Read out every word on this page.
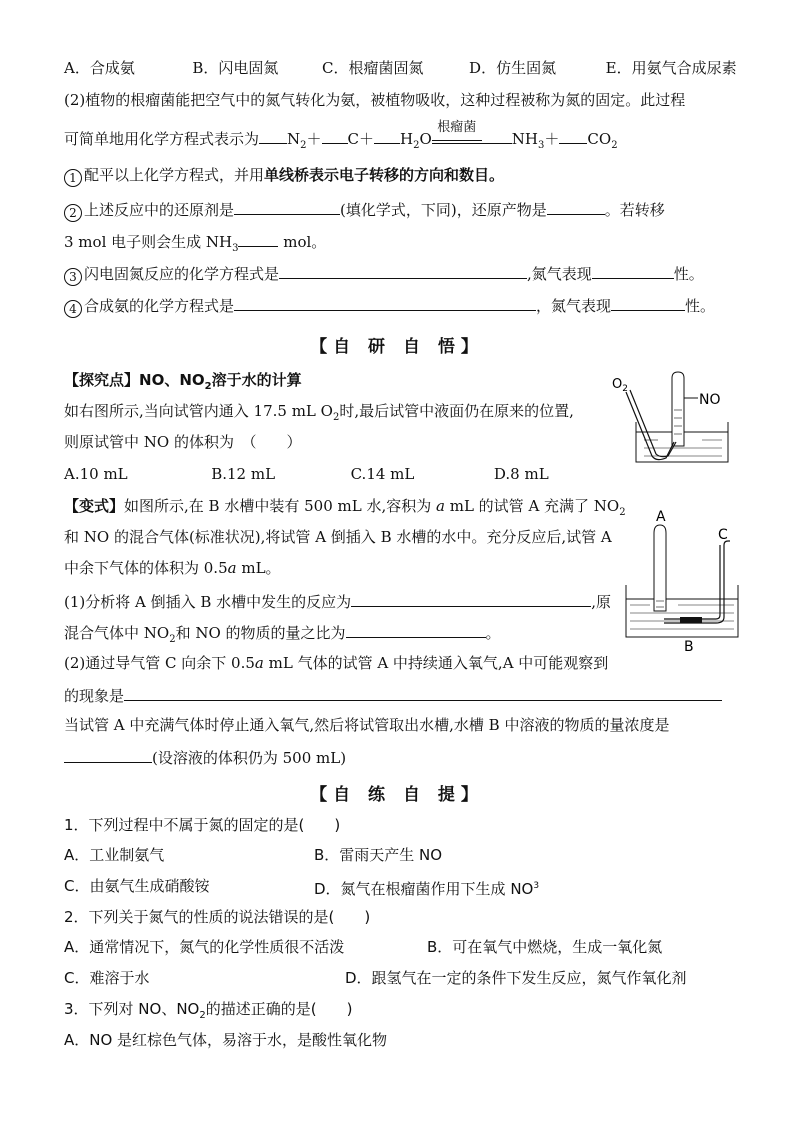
A．合成氨	B．闪电固氮	C．根瘤菌固氮	D．仿生固氮	E．用氨气合成尿素
(2)植物的根瘤菌能把空气中的氮气转化为氨，被植物吸收，这种过程被称为氮的固定。此过程
可简单地用化学方程式表示为 $N_2+ C+ H_2O$
根瘤菌
$NH_3+ CO_2$
1 配平以上化学方程式，并用单线桥表示电子转移的方向和数目。
2 上述反应中的还原剂是	(填化学式，下同)，还原产物是	。若转移
3 mol 电子则会生成 $NH_3$	mol。
3 闪电固氮反应的化学方程式是	,氮气表现	性。
4 合成氨的化学方程式是	，氮气表现	性。
【自 研 自 悟】
【探究点】NO、$NO_2$溶于水的计算
如右图所示,当向试管内通入 17.5 mL $O_2$时,最后试管中液面仍在原来的位置,
则原试管中 NO 的体积为　（　　）
A.10 mL	B.12 mL	C.14 mL	D.8 mL
$O_2$
NO
【变式】如图所示,在 B 水槽中装有 500 mL 水,容积为 a mL 的试管 A 充满了 $NO_2$
和 NO 的混合气体(标准状况),将试管 A 倒插入 B 水槽的水中。充分反应后,试管 A
中余下气体的体积为 0.5a mL。
(1)分析将 A 倒插入 B 水槽中发生的反应为	,原
混合气体中 $NO_2$和 NO 的物质的量之比为	。
(2)通过导气管 C 向余下 0.5a mL 气体的试管 A 中持续通入氧气,A 中可能观察到
的现象是
当试管 A 中充满气体时停止通入氧气,然后将试管取出水槽,水槽 B 中溶液的物质的量浓度是
(设溶液的体积仍为 500 mL)
A
C
B
【自 练 自 提】
1．下列过程中不属于氮的固定的是(　　)
A．工业制氨气	B．雷雨天产生 NO
C．由氨气生成硝酸铵	D．氮气在根瘤菌作用下生成 $NO^3$
2．下列关于氮气的性质的说法错误的是(　　)
A．通常情况下，氮气的化学性质很不活泼	B．可在氧气中燃烧，生成一氧化氮
C．难溶于水	D．跟氢气在一定的条件下发生反应，氮气作氧化剂
3．下列对 NO、$NO_2$的描述正确的是(　　)
A．NO 是红棕色气体，易溶于水，是酸性氧化物
